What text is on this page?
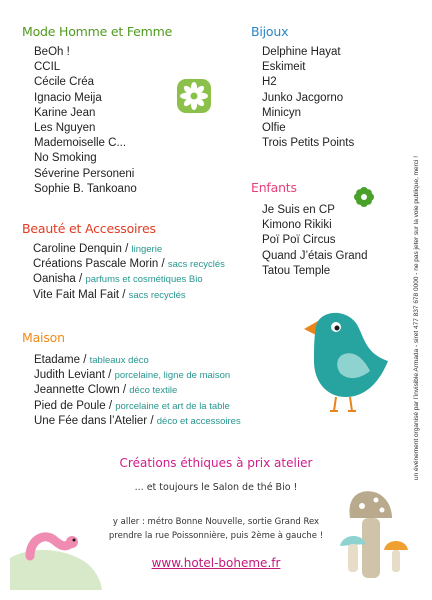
Mode Homme et Femme
BeOh !
CCIL
Cécile Créa
Ignacio Meija
Karine Jean
Les Nguyen
Mademoiselle C...
No Smoking
Séverine Personeni
Sophie B. Tankoano
Bijoux
Delphine Hayat
Eskimeit
H2
Junko Jacgorno
Minicyn
Olfie
Trois Petits Points
Enfants
Je Suis en CP
Kimono Rikiki
Poï Poï Circus
Quand J’étais Grand
Tatou Temple
Beauté et Accessoires
Caroline Denquin / lingerie
Créations Pascale Morin / sacs recyclés
Oanisha / parfums et cosmétiques Bio
Vite Fait Mal Fait / sacs recyclés
Maison
Etadame / tableaux déco
Judith Leviant / porcelaine, ligne de maison
Jeannette Clown / déco textile
Pied de Poule / porcelaine et art de la table
Une Fée dans l’Atelier / déco et accessoires
Créations éthiques à prix atelier
... et toujours le Salon de thé Bio !
y aller : métro Bonne Nouvelle, sortie Grand Rex
prendre la rue Poissonnière, puis 2ème à gauche !
www.hotel-boheme.fr
un événement organisé par l’invisible Armada - siret 477 837 678 0000 - ne pas jeter sur la voie publique, merci !
